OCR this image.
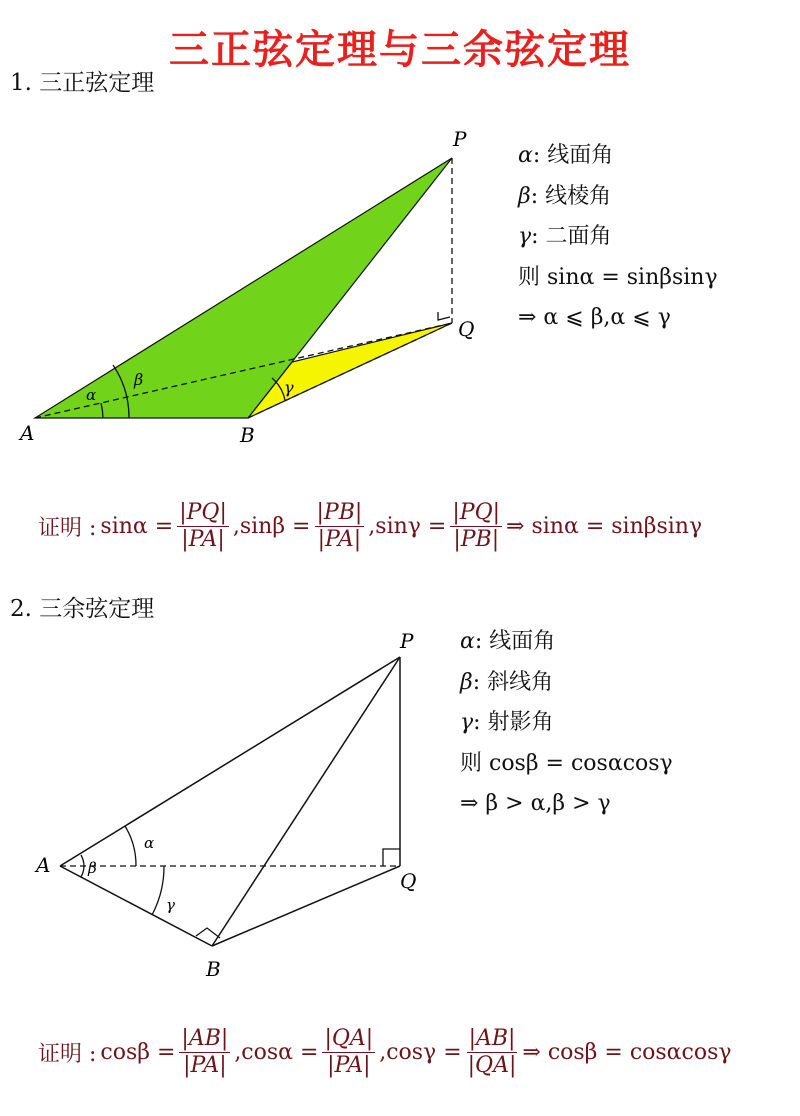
三正弦定理与三余弦定理
1. 三正弦定理
α
β	γ
P
Q
A	B
α: 线面角
β: 线棱角
γ: 二面角
则 sinα = sinβsinγ
⇒ α ⩽ β,α ⩽ γ
证明 : $\sin\alpha = \frac{|PQ|}{|PA|} ,\sin\beta = \frac{|PB|}{|PA|} ,\sin\gamma = \frac{|PQ|}{|PB|}$ ⇒ sinα = sinβsinγ
2. 三余弦定理
α
β
γ
P
Q
A
B
α: 线面角
β: 斜线角
γ: 射影角
则 cosβ = cosαcosγ
⇒ β > α,β > γ
证明 : $\cos\beta = \frac{|AB|}{|PA|} ,\cos\alpha = \frac{|QA|}{|PA|} ,\cos\gamma = \frac{|AB|}{|QA|}$ ⇒ cosβ = cosαcosγ
